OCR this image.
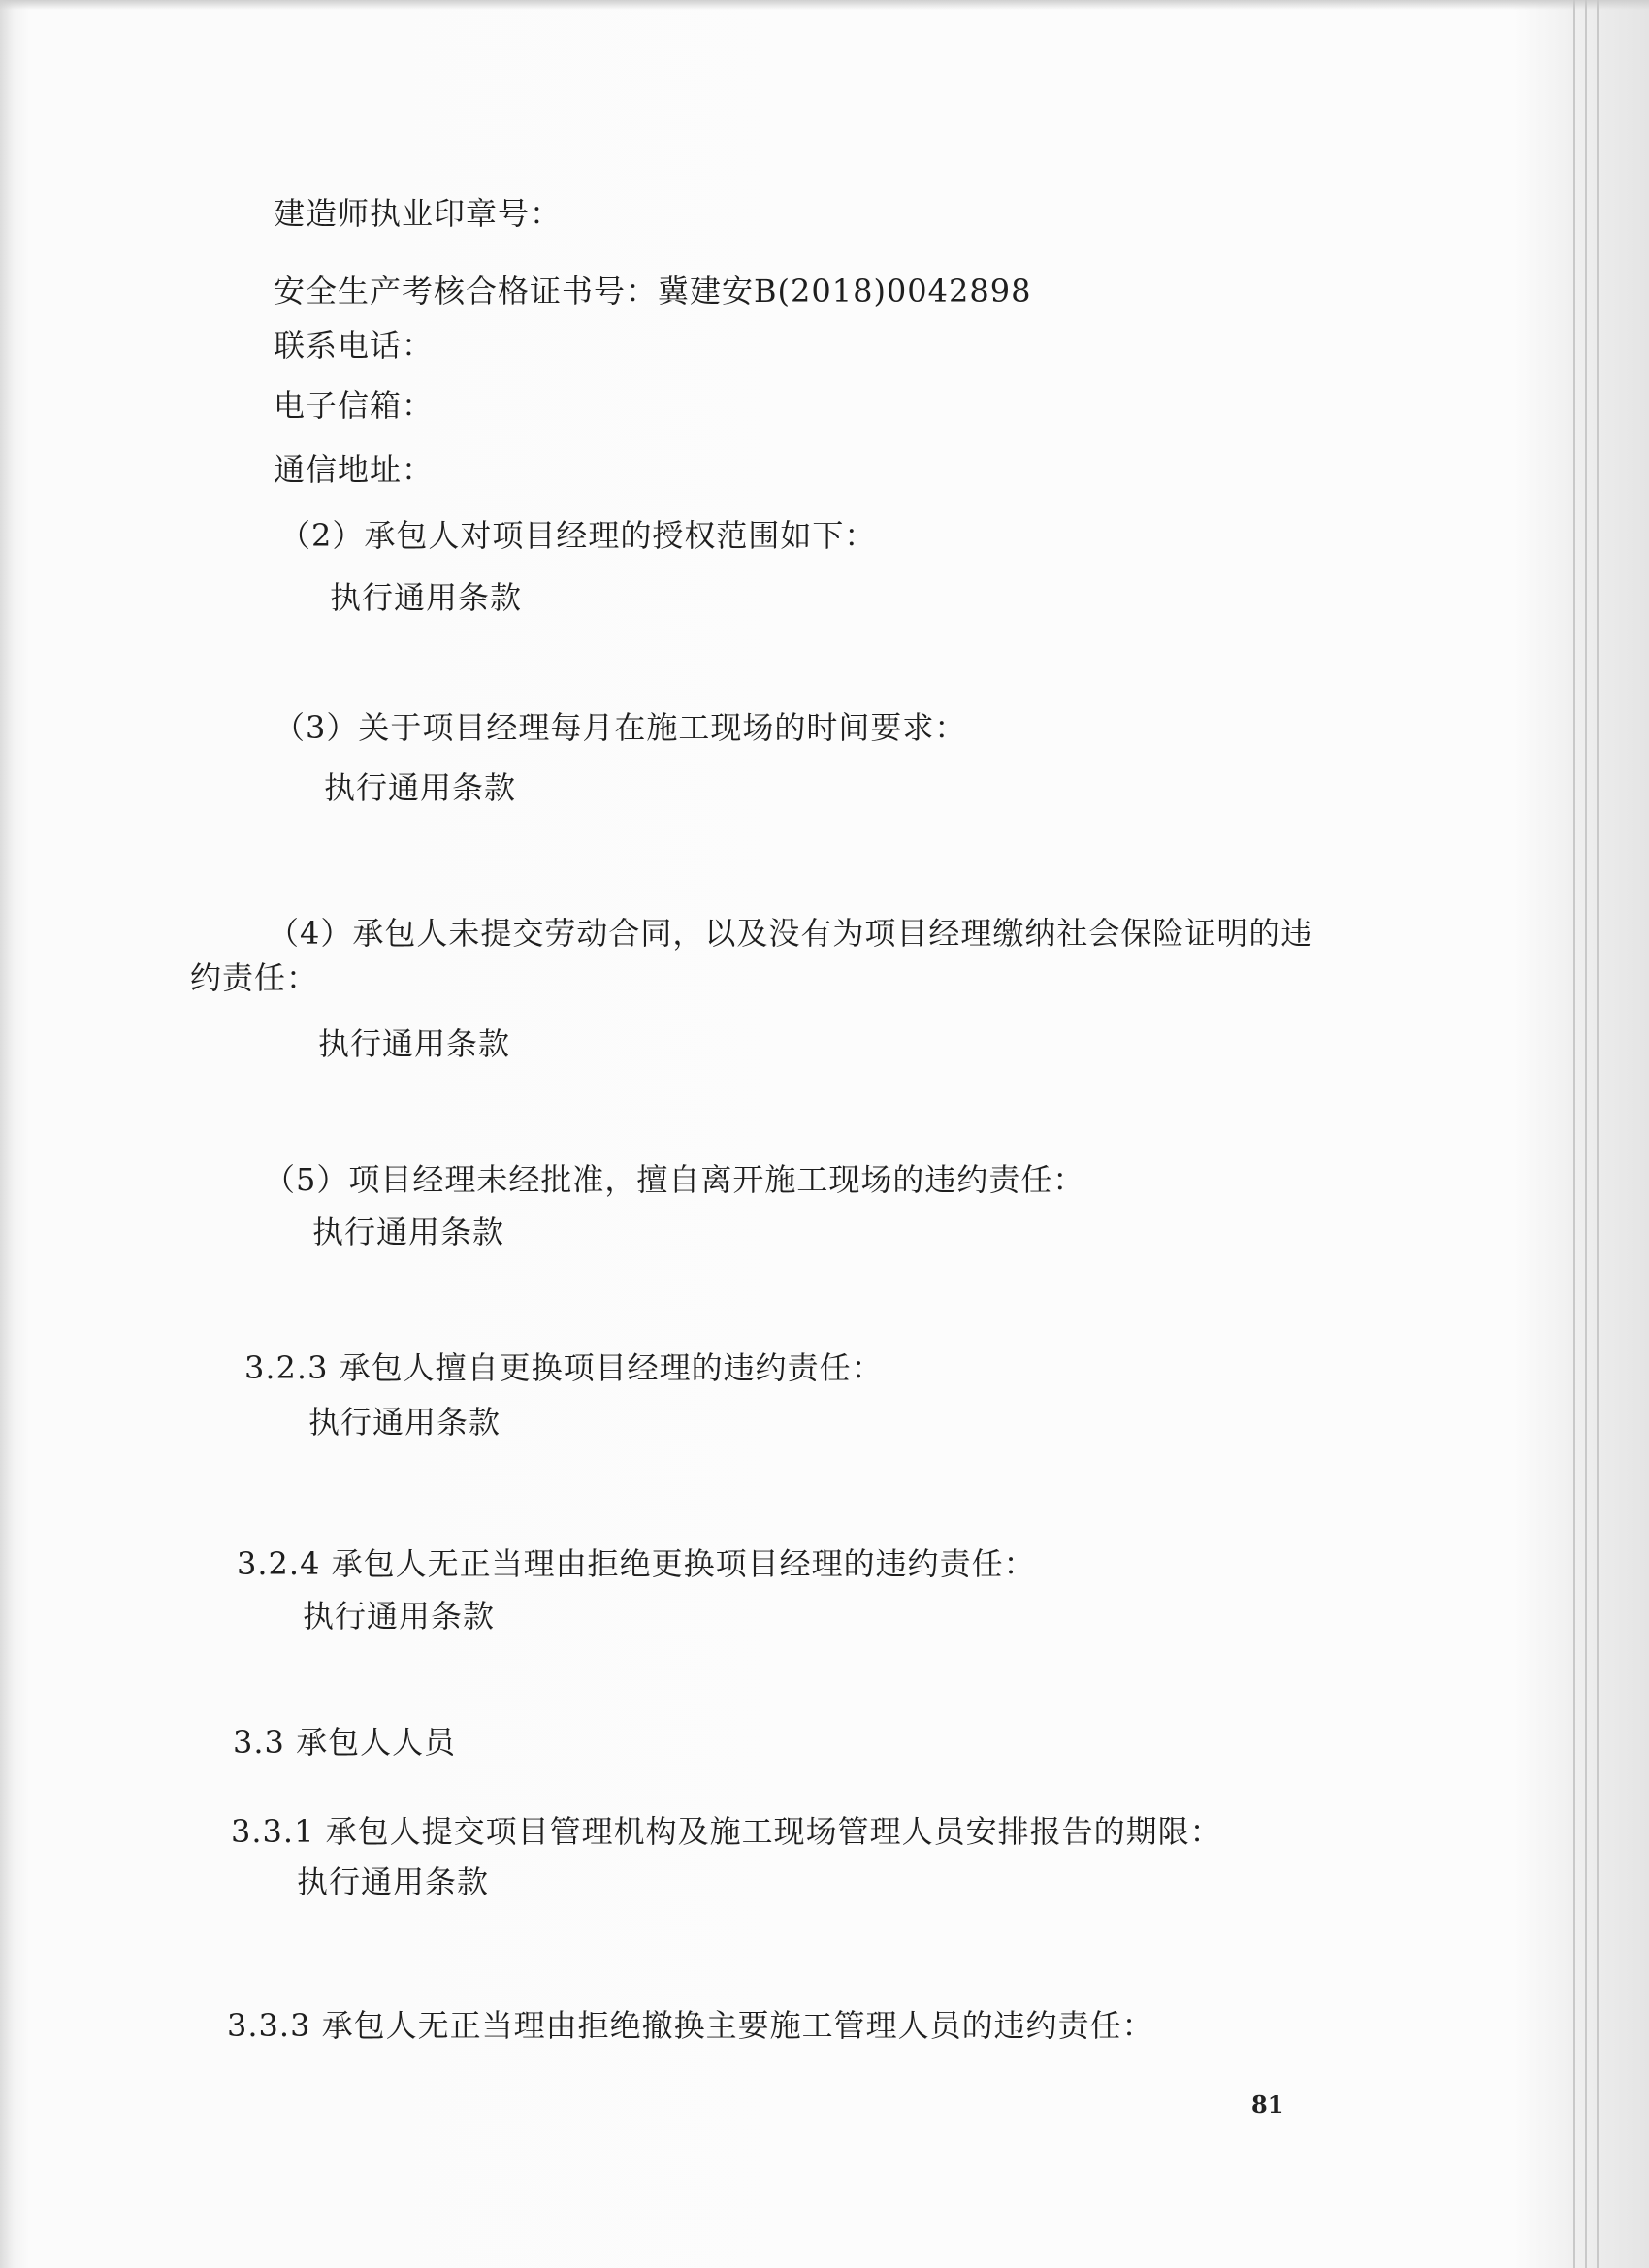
建造师执业印章号：
安全生产考核合格证书号：冀建安B(2018)0042898
联系电话：
电子信箱：
通信地址：
（2）承包人对项目经理的授权范围如下：
执行通用条款
（3）关于项目经理每月在施工现场的时间要求：
执行通用条款
（4）承包人未提交劳动合同，以及没有为项目经理缴纳社会保险证明的违
约责任：
执行通用条款
（5）项目经理未经批准，擅自离开施工现场的违约责任：
执行通用条款
3.2.3 承包人擅自更换项目经理的违约责任：
执行通用条款
3.2.4 承包人无正当理由拒绝更换项目经理的违约责任：
执行通用条款
3.3 承包人人员
3.3.1 承包人提交项目管理机构及施工现场管理人员安排报告的期限：
执行通用条款
3.3.3 承包人无正当理由拒绝撤换主要施工管理人员的违约责任：
81
